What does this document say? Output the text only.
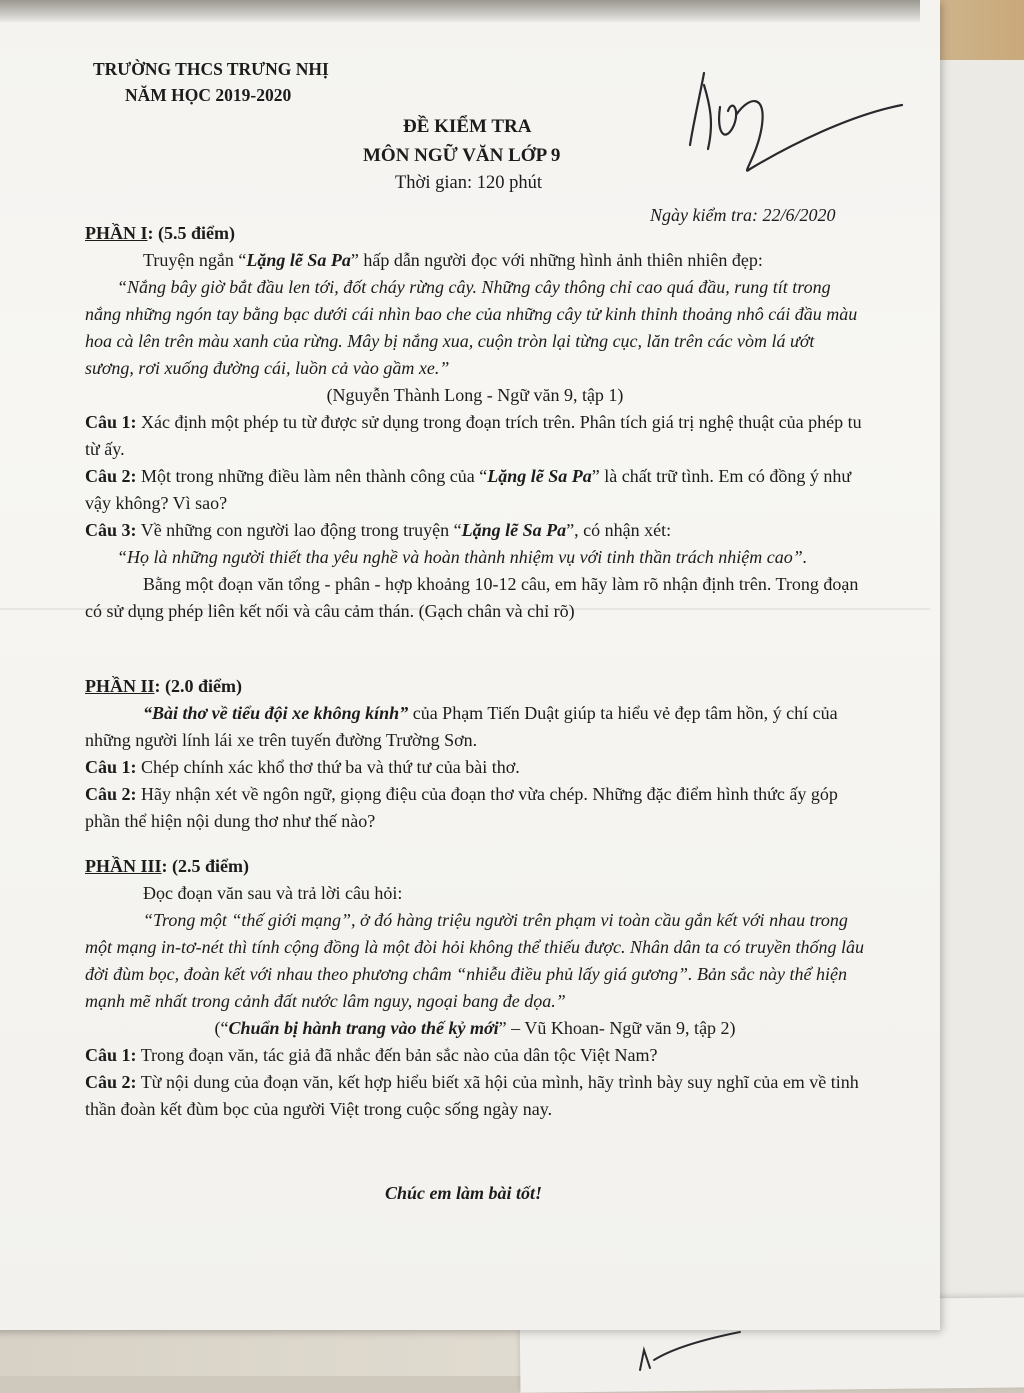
TRƯỜNG THCS TRƯNG NHỊ
NĂM HỌC 2019-2020
ĐỀ KIỂM TRA
MÔN NGỮ VĂN LỚP 9
Thời gian: 120 phút
Ngày kiểm tra: 22/6/2020

PHẦN I: (5.5 điểm)

Truyện ngắn “Lặng lẽ Sa Pa” hấp dẫn người đọc với những hình ảnh thiên nhiên đẹp:

“Nắng bây giờ bắt đầu len tới, đốt cháy rừng cây. Những cây thông chỉ cao quá đầu, rung tít trong nắng những ngón tay bằng bạc dưới cái nhìn bao che của những cây tử kinh thỉnh thoảng nhô cái đầu màu hoa cà lên trên màu xanh của rừng. Mây bị nắng xua, cuộn tròn lại từng cục, lăn trên các vòm lá ướt sương, rơi xuống đường cái, luồn cả vào gầm xe.”

(Nguyễn Thành Long - Ngữ văn 9, tập 1)

Câu 1: Xác định một phép tu từ được sử dụng trong đoạn trích trên. Phân tích giá trị nghệ thuật của phép tu từ ấy.

Câu 2: Một trong những điều làm nên thành công của “Lặng lẽ Sa Pa” là chất trữ tình. Em có đồng ý như vậy không? Vì sao?

Câu 3: Về những con người lao động trong truyện “Lặng lẽ Sa Pa”, có nhận xét:

“Họ là những người thiết tha yêu nghề và hoàn thành nhiệm vụ với tinh thần trách nhiệm cao”.

Bằng một đoạn văn tổng - phân - hợp khoảng 10-12 câu, em hãy làm rõ nhận định trên. Trong đoạn có sử dụng phép liên kết nối và câu cảm thán. (Gạch chân và chỉ rõ)

PHẦN II: (2.0 điểm)

“Bài thơ về tiểu đội xe không kính” của Phạm Tiến Duật giúp ta hiểu vẻ đẹp tâm hồn, ý chí của những người lính lái xe trên tuyến đường Trường Sơn.

Câu 1: Chép chính xác khổ thơ thứ ba và thứ tư của bài thơ.

Câu 2: Hãy nhận xét về ngôn ngữ, giọng điệu của đoạn thơ vừa chép. Những đặc điểm hình thức ấy góp phần thể hiện nội dung thơ như thế nào?

PHẦN III: (2.5 điểm)

Đọc đoạn văn sau và trả lời câu hỏi:

“Trong một “thế giới mạng”, ở đó hàng triệu người trên phạm vi toàn cầu gắn kết với nhau trong một mạng in-tơ-nét thì tính cộng đồng là một đòi hỏi không thể thiếu được. Nhân dân ta có truyền thống lâu đời đùm bọc, đoàn kết với nhau theo phương châm “nhiễu điều phủ lấy giá gương”. Bản sắc này thể hiện mạnh mẽ nhất trong cảnh đất nước lâm nguy, ngoại bang đe dọa.”

(“Chuẩn bị hành trang vào thế kỷ mới” – Vũ Khoan- Ngữ văn 9, tập 2)

Câu 1: Trong đoạn văn, tác giả đã nhắc đến bản sắc nào của dân tộc Việt Nam?

Câu 2: Từ nội dung của đoạn văn, kết hợp hiểu biết xã hội của mình, hãy trình bày suy nghĩ của em về tinh thần đoàn kết đùm bọc của người Việt trong cuộc sống ngày nay.

Chúc em làm bài tốt!
